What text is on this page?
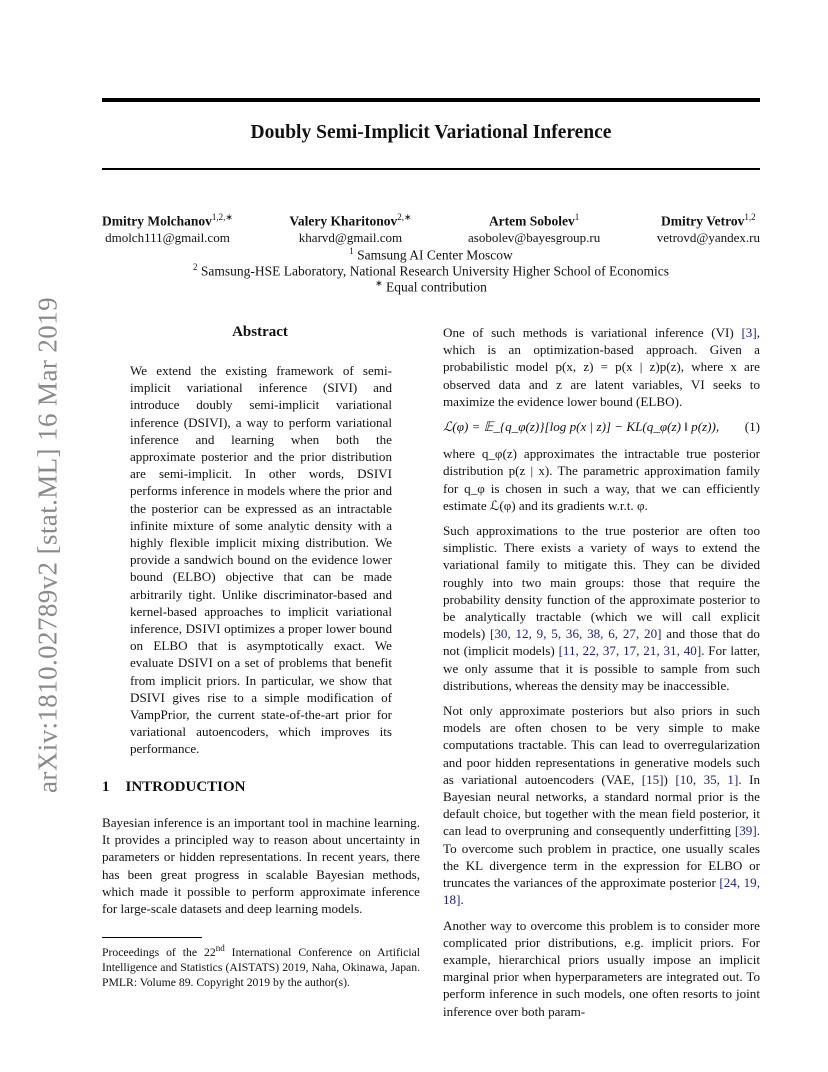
arXiv:1810.02789v2 [stat.ML] 16 Mar 2019
Doubly Semi-Implicit Variational Inference
Dmitry Molchanov$^{1,2,∗}$
dmolch111@gmail.com
Valery Kharitonov$^{2,∗}$
kharvd@gmail.com
Artem Sobolev$^1$
asobolev@bayesgroup.ru
Dmitry Vetrov$^{1,2}$
vetrovd@yandex.ru
$^1$ Samsung AI Center Moscow
$^2$ Samsung-HSE Laboratory, National Research University Higher School of Economics
∗ Equal contribution
Abstract

We extend the existing framework of semi-implicit variational inference (SIVI) and introduce doubly semi-implicit variational inference (DSIVI), a way to perform variational inference and learning when both the approximate posterior and the prior distribution are semi-implicit. In other words, DSIVI performs inference in models where the prior and the posterior can be expressed as an intractable infinite mixture of some analytic density with a highly flexible implicit mixing distribution. We provide a sandwich bound on the evidence lower bound (ELBO) objective that can be made arbitrarily tight. Unlike discriminator-based and kernel-based approaches to implicit variational inference, DSIVI optimizes a proper lower bound on ELBO that is asymptotically exact. We evaluate DSIVI on a set of problems that benefit from implicit priors. In particular, we show that DSIVI gives rise to a simple modification of VampPrior, the current state-of-the-art prior for variational autoencoders, which improves its performance.

1 INTRODUCTION

Bayesian inference is an important tool in machine learning. It provides a principled way to reason about uncertainty in parameters or hidden representations. In recent years, there has been great progress in scalable Bayesian methods, which made it possible to perform approximate inference for large-scale datasets and deep learning models.

Proceedings of the 22nd International Conference on Artificial Intelligence and Statistics (AISTATS) 2019, Naha, Okinawa, Japan. PMLR: Volume 89. Copyright 2019 by the author(s).

One of such methods is variational inference (VI) [3], which is an optimization-based approach. Given a probabilistic model p(x, z) = p(x | z)p(z), where x are observed data and z are latent variables, VI seeks to maximize the evidence lower bound (ELBO).

ℒ(φ) = 𝔼_{q_φ(z)}[log p(x | z)] − KL(q_φ(z) ‖ p(z)), (1)

where q_φ(z) approximates the intractable true posterior distribution p(z | x). The parametric approximation family for q_φ is chosen in such a way, that we can efficiently estimate ℒ(φ) and its gradients w.r.t. φ.

Such approximations to the true posterior are often too simplistic. There exists a variety of ways to extend the variational family to mitigate this. They can be divided roughly into two main groups: those that require the probability density function of the approximate posterior to be analytically tractable (which we will call explicit models) [30, 12, 9, 5, 36, 38, 6, 27, 20] and those that do not (implicit models) [11, 22, 37, 17, 21, 31, 40]. For latter, we only assume that it is possible to sample from such distributions, whereas the density may be inaccessible.

Not only approximate posteriors but also priors in such models are often chosen to be very simple to make computations tractable. This can lead to overregularization and poor hidden representations in generative models such as variational autoencoders (VAE, [15]) [10, 35, 1]. In Bayesian neural networks, a standard normal prior is the default choice, but together with the mean field posterior, it can lead to overpruning and consequently underfitting [39]. To overcome such problem in practice, one usually scales the KL divergence term in the expression for ELBO or truncates the variances of the approximate posterior [24, 19, 18].

Another way to overcome this problem is to consider more complicated prior distributions, e.g. implicit priors. For example, hierarchical priors usually impose an implicit marginal prior when hyperparameters are integrated out. To perform inference in such models, one often resorts to joint inference over both param-
